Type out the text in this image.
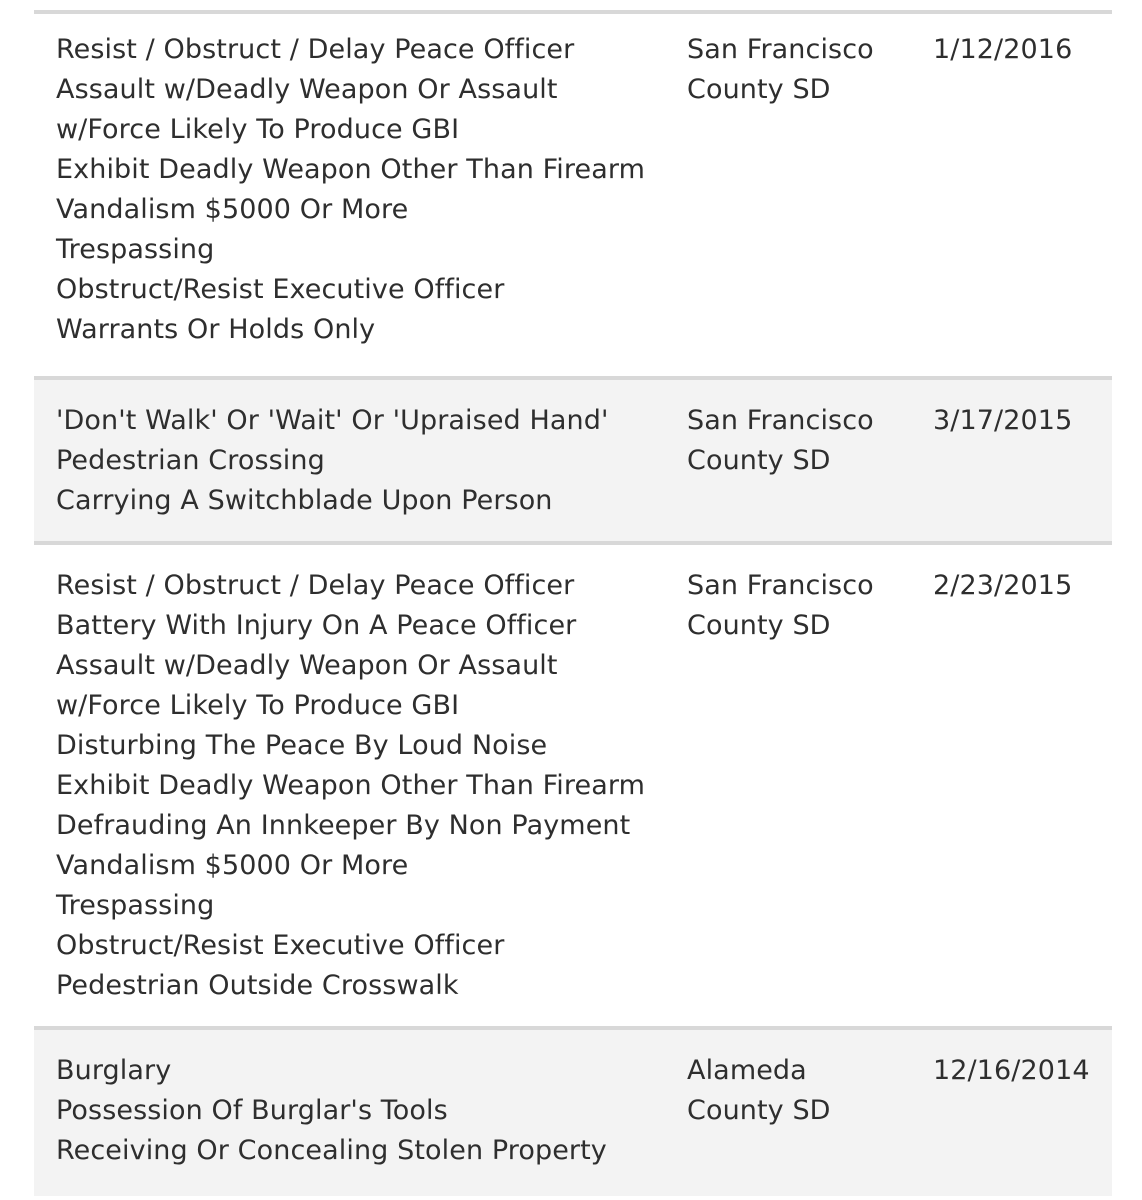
Resist / Obstruct / Delay Peace Officer
Assault w/Deadly Weapon Or Assault
w/Force Likely To Produce GBI
Exhibit Deadly Weapon Other Than Firearm
Vandalism $5000 Or More
Trespassing
Obstruct/Resist Executive Officer
Warrants Or Holds Only
San Francisco
County SD
1/12/2016
'Don't Walk' Or 'Wait' Or 'Upraised Hand'
Pedestrian Crossing
Carrying A Switchblade Upon Person
San Francisco
County SD
3/17/2015
Resist / Obstruct / Delay Peace Officer
Battery With Injury On A Peace Officer
Assault w/Deadly Weapon Or Assault
w/Force Likely To Produce GBI
Disturbing The Peace By Loud Noise
Exhibit Deadly Weapon Other Than Firearm
Defrauding An Innkeeper By Non Payment
Vandalism $5000 Or More
Trespassing
Obstruct/Resist Executive Officer
Pedestrian Outside Crosswalk
San Francisco
County SD
2/23/2015
Burglary
Possession Of Burglar's Tools
Receiving Or Concealing Stolen Property
Alameda
County SD
12/16/2014
